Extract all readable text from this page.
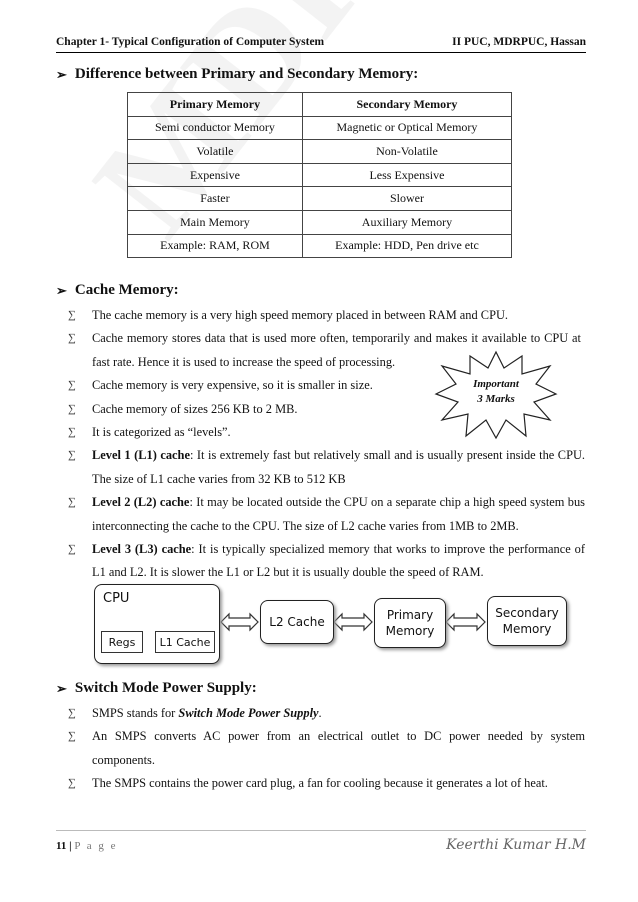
Chapter 1- Typical Configuration of Computer System	II PUC, MDRPUC, Hassan
➢ Difference between Primary and Secondary Memory:
Primary Memory	Secondary Memory
Semi conductor Memory	Magnetic or Optical Memory
Volatile	Non-Volatile
Expensive	Less Expensive
Faster	Slower
Main Memory	Auxiliary Memory
Example: RAM, ROM	Example: HDD, Pen drive etc
➢ Cache Memory:
∑ The cache memory is a very high speed memory placed in between RAM and CPU.
∑ Cache memory stores data that is used more often, temporarily and makes it available to CPU at fast rate. Hence it is used to increase the speed of processing.
∑ Cache memory is very expensive, so it is smaller in size.
∑ Cache memory of sizes 256 KB to 2 MB.
∑ It is categorized as “levels”.
∑ Level 1 (L1) cache: It is extremely fast but relatively small and is usually present inside the CPU. The size of L1 cache varies from 32 KB to 512 KB
∑ Level 2 (L2) cache: It may be located outside the CPU on a separate chip a high speed system bus interconnecting the cache to the CPU. The size of L2 cache varies from 1MB to 2MB.
∑ Level 3 (L3) cache: It is typically specialized memory that works to improve the performance of L1 and L2. It is slower the L1 or L2 but it is usually double the speed of RAM.
Important
3 Marks
CPU
Regs	L1 Cache
L2 Cache	Primary
Memory
Secondary
Memory
➢ Switch Mode Power Supply:
∑ SMPS stands for Switch Mode Power Supply.
∑ An SMPS converts AC power from an electrical outlet to DC power needed by system components.
∑ The SMPS contains the power card plug, a fan for cooling because it generates a lot of heat.
11 | P a g e	Keerthi Kumar H.M
